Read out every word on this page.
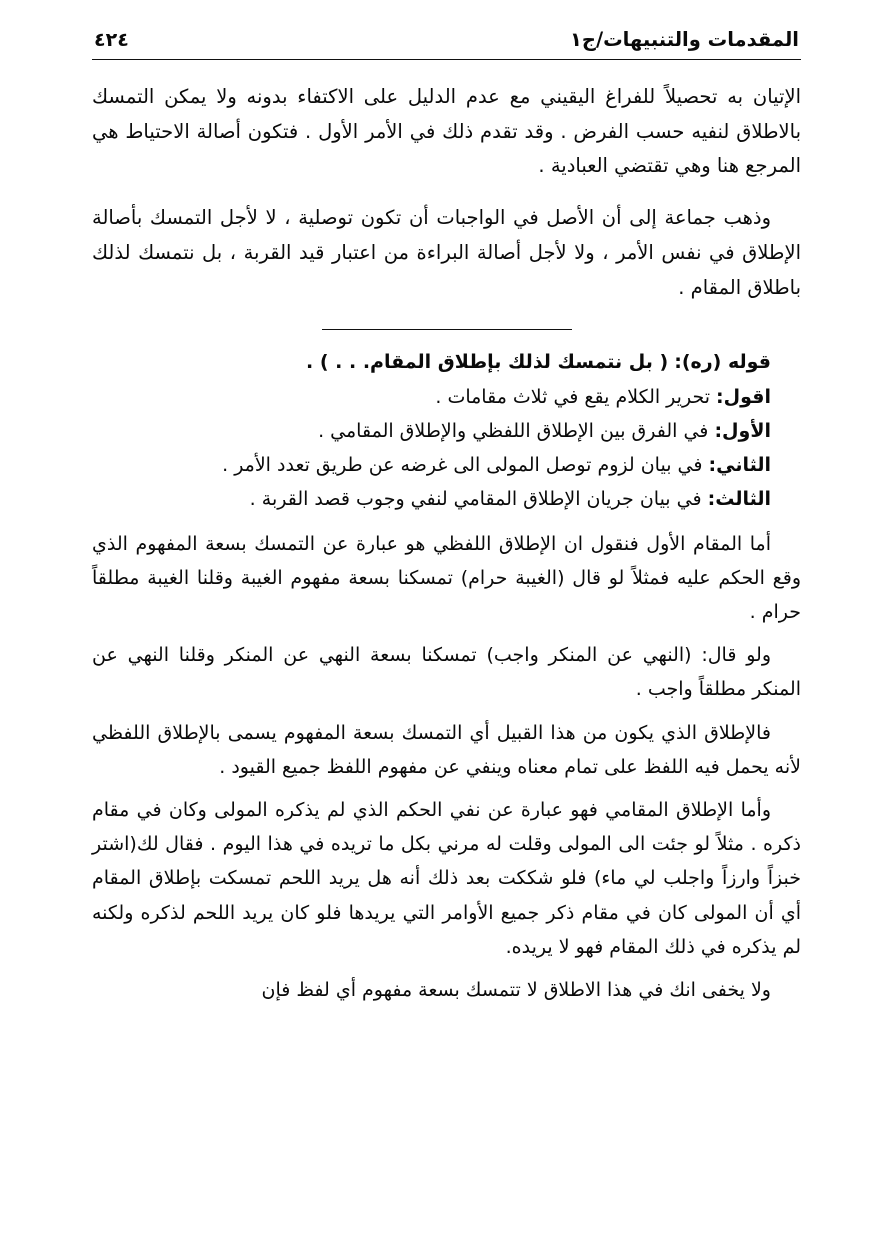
المقدمات والتنبيهات/ج١
٤٢٤

الإتيان به تحصيلاً للفراغ اليقيني مع عدم الدليل على الاكتفاء بدونه ولا يمكن التمسك بالاطلاق لنفيه حسب الفرض . وقد تقدم ذلك في الأمر الأول . فتكون أصالة الاحتياط هي المرجع هنا وهي تقتضي العبادية .

وذهب جماعة إلى أن الأصل في الواجبات أن تكون توصلية ، لا لأجل التمسك بأصالة الإطلاق في نفس الأمر ، ولا لأجل أصالة البراءة من اعتبار قيد القربة ، بل نتمسك لذلك باطلاق المقام .

قوله (ره): ( بل نتمسك لذلك بإطلاق المقام. . . ) .

اقول: تحرير الكلام يقع في ثلاث مقامات .

الأول: في الفرق بين الإطلاق اللفظي والإطلاق المقامي .

الثاني: في بيان لزوم توصل المولى الى غرضه عن طريق تعدد الأمر .

الثالث: في بيان جريان الإطلاق المقامي لنفي وجوب قصد القربة .

أما المقام الأول فنقول ان الإطلاق اللفظي هو عبارة عن التمسك بسعة المفهوم الذي وقع الحكم عليه فمثلاً لو قال (الغيبة حرام) تمسكنا بسعة مفهوم الغيبة وقلنا الغيبة مطلقاً حرام .

ولو قال: (النهي عن المنكر واجب) تمسكنا بسعة النهي عن المنكر وقلنا النهي عن المنكر مطلقاً واجب .

فالإطلاق الذي يكون من هذا القبيل أي التمسك بسعة المفهوم يسمى بالإطلاق اللفظي لأنه يحمل فيه اللفظ على تمام معناه وينفي عن مفهوم اللفظ جميع القيود .

وأما الإطلاق المقامي فهو عبارة عن نفي الحكم الذي لم يذكره المولى وكان في مقام ذكره . مثلاً لو جئت الى المولى وقلت له مرني بكل ما تريده في هذا اليوم . فقال لك(اشتر خبزاً وارزاً واجلب لي ماء) فلو شككت بعد ذلك أنه هل يريد اللحم تمسكت بإطلاق المقام أي أن المولى كان في مقام ذكر جميع الأوامر التي يريدها فلو كان يريد اللحم لذكره ولكنه لم يذكره في ذلك المقام فهو لا يريده.

ولا يخفى انك في هذا الاطلاق لا تتمسك بسعة مفهوم أي لفظ فإن
